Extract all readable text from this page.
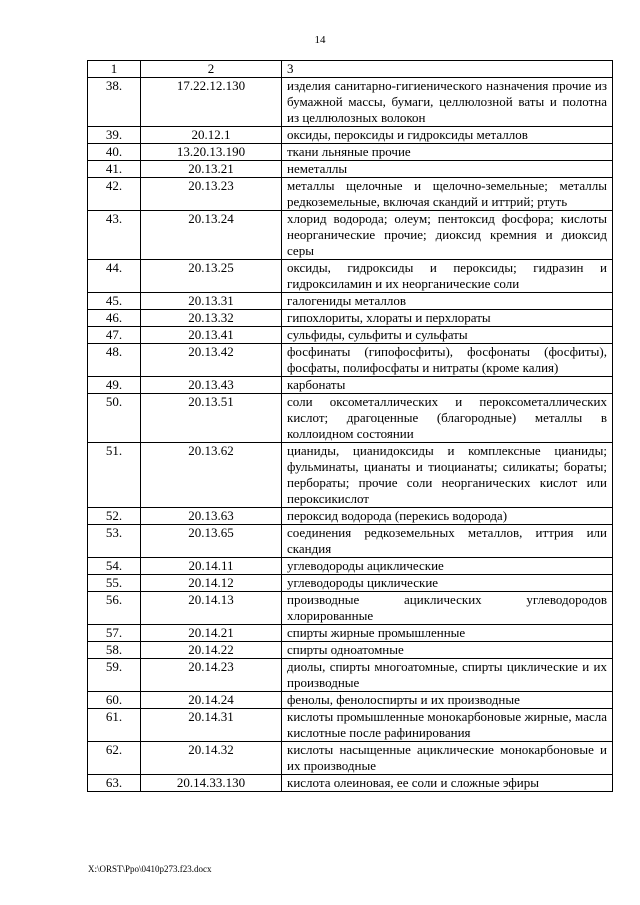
14
1	2	3
38.	17.22.12.130	изделия санитарно-гигиенического назначения прочие из бумажной массы, бумаги, целлюлозной ваты и полотна из целлюлозных волокон
39.	20.12.1	оксиды, пероксиды и гидроксиды металлов
40.	13.20.13.190	ткани льняные прочие
41.	20.13.21	неметаллы
42.	20.13.23	металлы щелочные и щелочно-земельные; металлы редкоземельные, включая скандий и иттрий; ртуть
43.	20.13.24	хлорид водорода; олеум; пентоксид фосфора; кислоты неорганические прочие; диоксид кремния и диоксид серы
44.	20.13.25	оксиды, гидроксиды и пероксиды; гидразин и гидроксиламин и их неорганические соли
45.	20.13.31	галогениды металлов
46.	20.13.32	гипохлориты, хлораты и перхлораты
47.	20.13.41	сульфиды, сульфиты и сульфаты
48.	20.13.42	фосфинаты (гипофосфиты), фосфонаты (фосфиты), фосфаты, полифосфаты и нитраты (кроме калия)
49.	20.13.43	карбонаты
50.	20.13.51	соли оксометаллических и пероксометаллических кислот; драгоценные (благородные) металлы в коллоидном состоянии
51.	20.13.62	цианиды, цианидоксиды и комплексные цианиды; фульминаты, цианаты и тиоцианаты; силикаты; бораты; пербораты; прочие соли неорганических кислот или пероксикислот
52.	20.13.63	пероксид водорода (перекись водорода)
53.	20.13.65	соединения редкоземельных металлов, иттрия или скандия
54.	20.14.11	углеводороды ациклические
55.	20.14.12	углеводороды циклические
56.	20.14.13	производные ациклических углеводородов хлорированные
57.	20.14.21	спирты жирные промышленные
58.	20.14.22	спирты одноатомные
59.	20.14.23	диолы, спирты многоатомные, спирты циклические и их производные
60.	20.14.24	фенолы, фенолоспирты и их производные
61.	20.14.31	кислоты промышленные монокарбоновые жирные, масла кислотные после рафинирования
62.	20.14.32	кислоты насыщенные ациклические монокарбоновые и их производные
63.	20.14.33.130	кислота олеиновая, ее соли и сложные эфиры
X:\ORST\Ppo\0410p273.f23.docx
